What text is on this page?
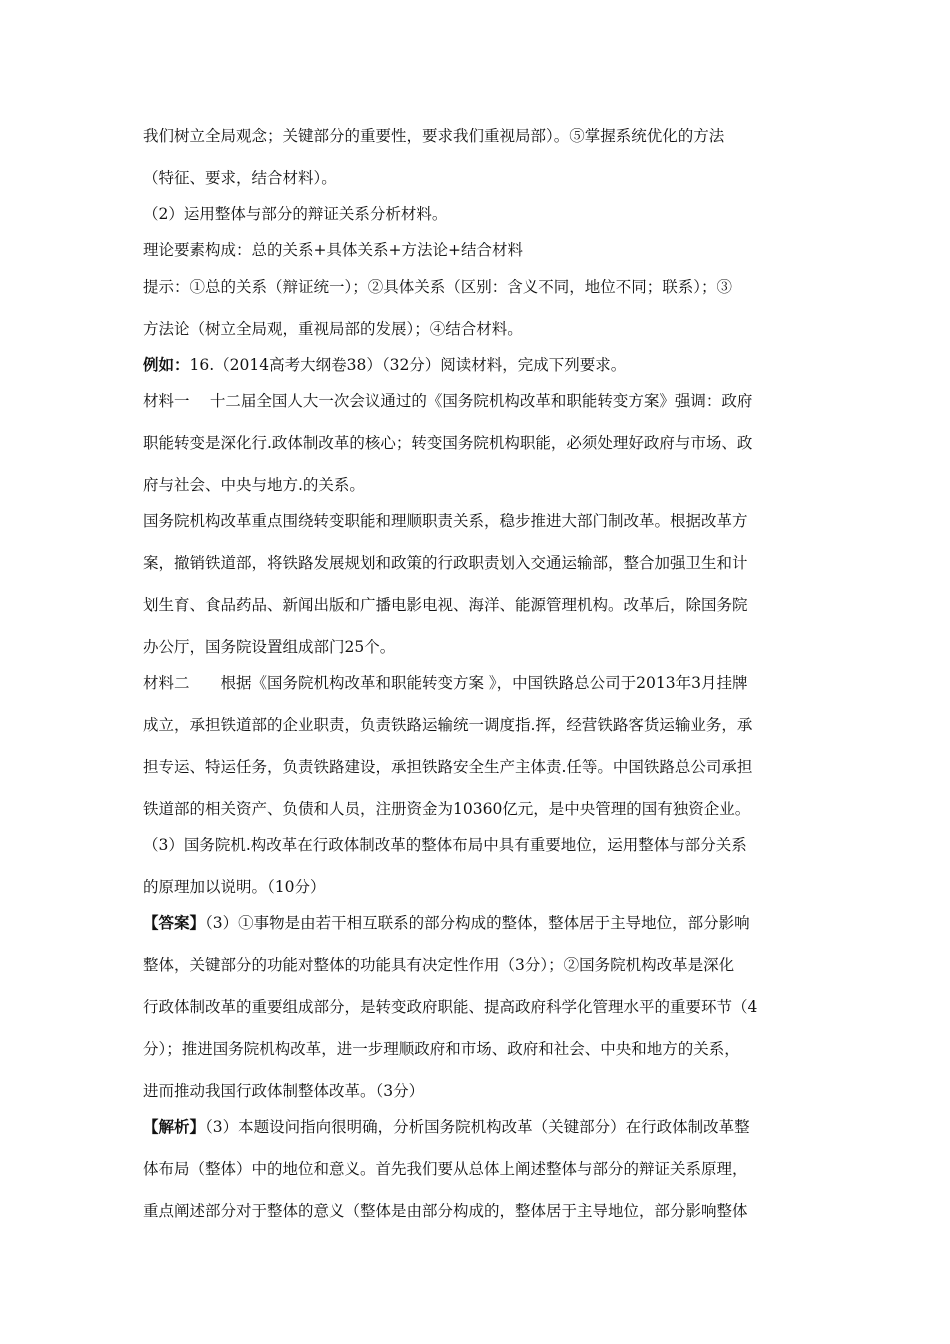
我们树立全局观念；关键部分的重要性，要求我们重视局部）。⑤掌握系统优化的方法
（特征、要求，结合材料）。
（2）运用整体与部分的辩证关系分析材料。
理论要素构成：总的关系+具体关系+方法论+结合材料
提示：①总的关系（辩证统一）；②具体关系（区别：含义不同，地位不同；联系）；③
方法论（树立全局观，重视局部的发展）；④结合材料。
例如：16.（2014高考大纲卷38）（32分）阅读材料，完成下列要求。
材料一　 十二届全国人大一次会议通过的《国务院机构改革和职能转变方案》强调：政府
职能转变是深化行.政体制改革的核心；转变国务院机构职能，必须处理好政府与市场、政
府与社会、中央与地方.的关系。
国务院机构改革重点围绕转变职能和理顺职责关系，稳步推进大部门制改革。根据改革方
案，撤销铁道部，将铁路发展规划和政策的行政职责划入交通运输部，整合加强卫生和计
划生育、食品药品、新闻出版和广播电影电视、海洋、能源管理机构。改革后，除国务院
办公厅，国务院设置组成部门25个。
材料二　　根据《国务院机构改革和职能转变方案 》，中国铁路总公司于2013年3月挂牌
成立，承担铁道部的企业职责，负责铁路运输统一调度指.挥，经营铁路客货运输业务，承
担专运、特运任务，负责铁路建设，承担铁路安全生产主体责.任等。中国铁路总公司承担
铁道部的相关资产、负债和人员，注册资金为10360亿元，是中央管理的国有独资企业。
（3）国务院机.构改革在行政体制改革的整体布局中具有重要地位，运用整体与部分关系
的原理加以说明。（10分）
【答案】（3）①事物是由若干相互联系的部分构成的整体，整体居于主导地位，部分影响
整体，关键部分的功能对整体的功能具有决定性作用（3分）；②国务院机构改革是深化
行政体制改革的重要组成部分，是转变政府职能、提高政府科学化管理水平的重要环节（4
分）；推进国务院机构改革，进一步理顺政府和市场、政府和社会、中央和地方的关系，
进而推动我国行政体制整体改革。（3分）
【解析】（3）本题设问指向很明确，分析国务院机构改革（关键部分）在行政体制改革整
体布局（整体）中的地位和意义。首先我们要从总体上阐述整体与部分的辩证关系原理，
重点阐述部分对于整体的意义（整体是由部分构成的，整体居于主导地位，部分影响整体
